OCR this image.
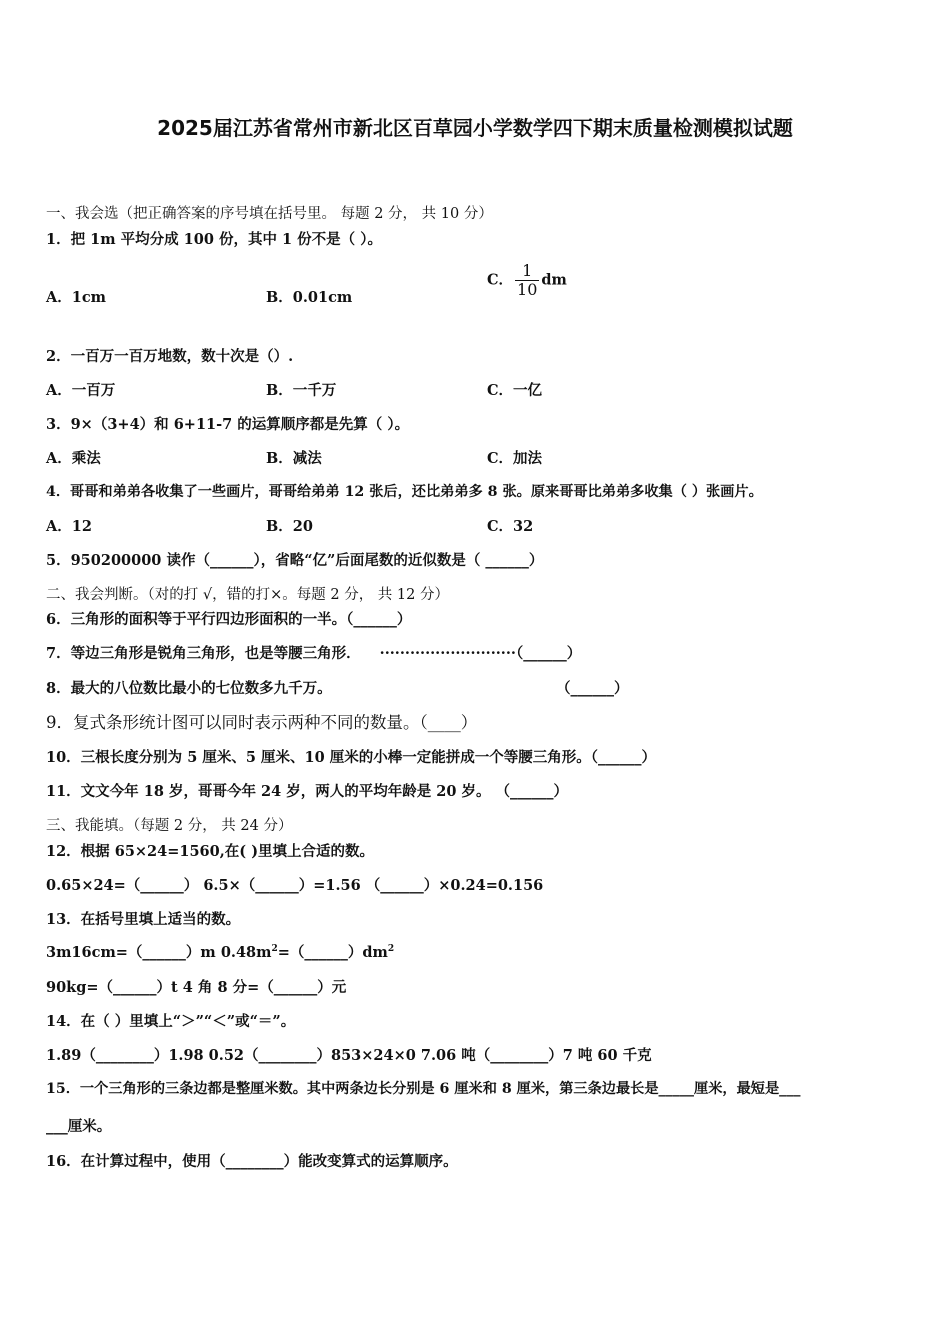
2025届江苏省常州市新北区百草园小学数学四下期末质量检测模拟试题
一、我会选（把正确答案的序号填在括号里。 每题 2 分， 共 10 分）
1．把 1m 平均分成 100 份，其中 1 份不是（ ）。
A．1cm	B．0.01cm
C． $\frac{1}{10}$ dm
2．一百万一百万地数，数十次是（）.
A．一百万	B．一千万	C．一亿
3．9×（3+4）和 6+11-7 的运算顺序都是先算（ ）。
A．乘法	B．减法	C．加法
4．哥哥和弟弟各收集了一些画片，哥哥给弟弟 12 张后，还比弟弟多 8 张。原来哥哥比弟弟多收集（ ）张画片。
A．12	B．20	C．32
5．950200000 读作（______），省略“亿”后面尾数的近似数是（ ______）
二、我会判断。（对的打 √，错的打×。每题 2 分， 共 12 分）
6．三角形的面积等于平行四边形面积的一半。（______）
7．等边三角形是锐角三角形，也是等腰三角形． ···························（______）
8．最大的八位数比最小的七位数多九千万。	（______）
9．复式条形统计图可以同时表示两种不同的数量。（____）
10．三根长度分别为 5 厘米、5 厘米、10 厘米的小棒一定能拼成一个等腰三角形。（______）
11．文文今年 18 岁，哥哥今年 24 岁，两人的平均年龄是 20 岁。 （______）
三、我能填。（每题 2 分， 共 24 分）
12．根据 65×24=1560,在( )里填上合适的数。
0.65×24=（______） 6.5×（______）=1.56 （______）×0.24=0.156
13．在括号里填上适当的数。
3m16cm=（______）m $0.48m^2=(\_\_\_\_\_\_)dm^2$
90kg=（______）t 4 角 8 分=（______）元
14．在（ ）里填上“＞”“＜”或“＝”。
1.89（________）1.98 0.52（________）853×24×0 7.06 吨（________）7 吨 60 千克
15．一个三角形的三条边都是整厘米数。其中两条边长分别是 6 厘米和 8 厘米，第三条边最长是_____厘米，最短是___
___厘米。
16．在计算过程中，使用（________）能改变算式的运算顺序。
